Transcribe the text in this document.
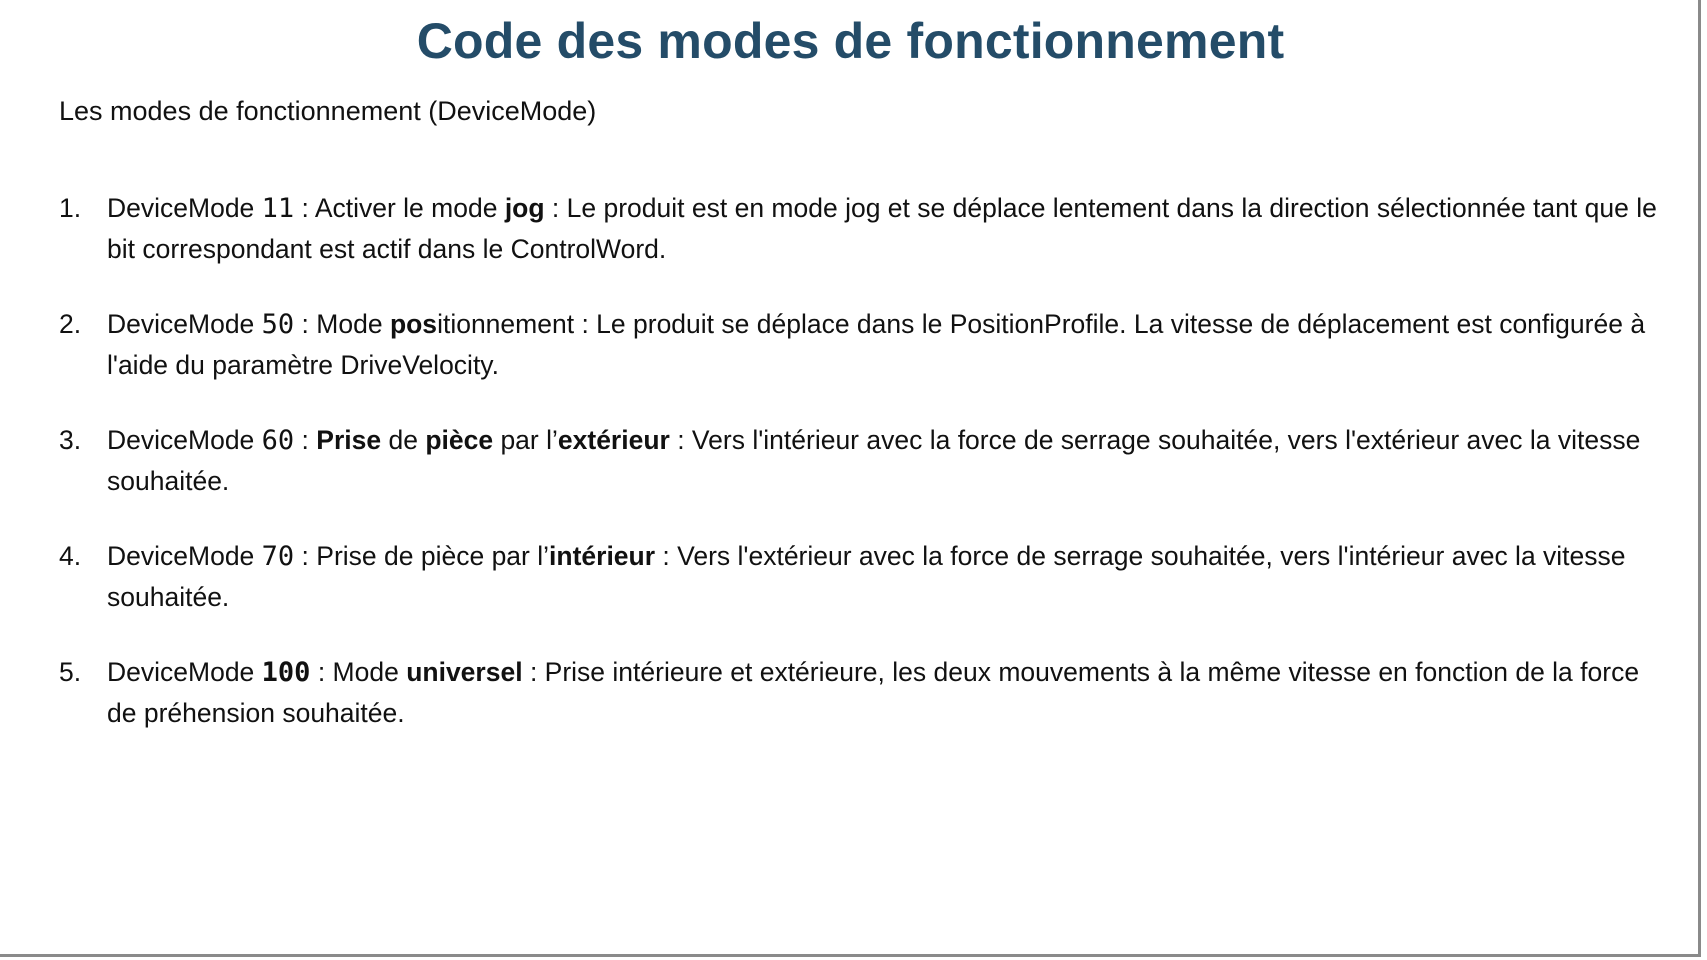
Code des modes de fonctionnement

Les modes de fonctionnement (DeviceMode)

1. DeviceMode 11 : Activer le mode jog : Le produit est en mode jog et se déplace lentement dans la direction sélectionnée tant que le bit correspondant est actif dans le ControlWord.
2. DeviceMode 50 : Mode positionnement : Le produit se déplace dans le PositionProfile. La vitesse de déplacement est configurée à l'aide du paramètre DriveVelocity.
3. DeviceMode 60 : Prise de pièce par l’extérieur : Vers l'intérieur avec la force de serrage souhaitée, vers l'extérieur avec la vitesse souhaitée.
4. DeviceMode 70 : Prise de pièce par l’intérieur : Vers l'extérieur avec la force de serrage souhaitée, vers l'intérieur avec la vitesse souhaitée.
5. DeviceMode 100 : Mode universel : Prise intérieure et extérieure, les deux mouvements à la même vitesse en fonction de la force de préhension souhaitée.
